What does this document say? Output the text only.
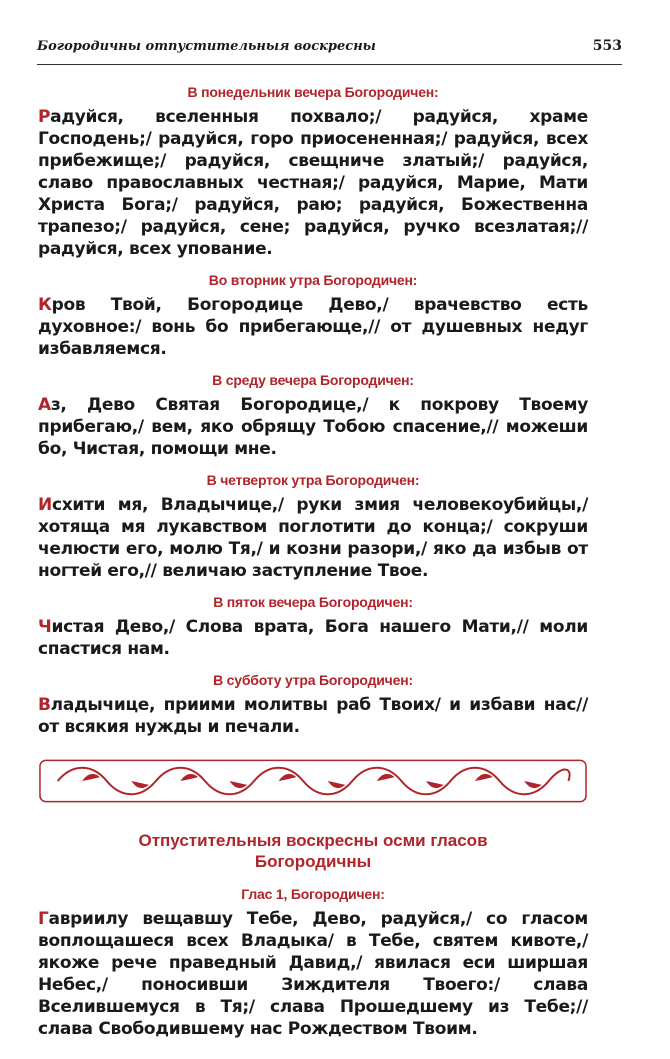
Богородичны отпустительныя воскресны	553

В понедельник вечера Богородичен:

Радуйся, вселенныя похвало;/ радуйся, храме Господень;/ радуйся, горо приосененная;/ радуйся, всех прибежище;/ радуйся, свещниче златый;/ радуйся, славо православных честная;/ радуйся, Марие, Мати Христа Бога;/ радуйся, раю; радуйся, Божественна трапезо;/ радуйся, сене; радуйся, ручко всезлатая;// радуйся, всех упование.

Во вторник утра Богородичен:

Кров Твой, Богородице Дево,/ врачевство есть духовное:/ вонь бо прибегающе,// от душевных недуг избавляемся.

В среду вечера Богородичен:

Аз, Дево Святая Богородице,/ к покрову Твоему прибегаю,/ вем, яко обрящу Тобою спасение,// можеши бо, Чистая, помощи мне.

В четверток утра Богородичен:

Исхити мя, Владычице,/ руки змия человекоубийцы,/ хотяща мя лукавством поглотити до конца;/ сокруши челюсти его, молю Тя,/ и козни разори,/ яко да избыв от ногтей его,// величаю заступление Твое.

В пяток вечера Богородичен:

Чистая Дево,/ Слова врата, Бога нашего Мати,// моли спастися нам.

В субботу утра Богородичен:

Владычице, приими молитвы раб Твоих/ и избави нас// от всякия нужды и печали.

Отпустительныя воскресны осми гласов
Богородичны

Глас 1, Богородичен:

Гавриилу вещавшу Тебе, Дево, радуйся,/ со гласом воплощашеся всех Владыка/ в Тебе, святем кивоте,/ якоже рече праведный Давид,/ явилася еси ширшая Небес,/ поносивши Зиждителя Твоего:/ слава Вселившемуся в Тя;/ слава Прошедшему из Тебе;// слава Свободившему нас Рождеством Твоим.
